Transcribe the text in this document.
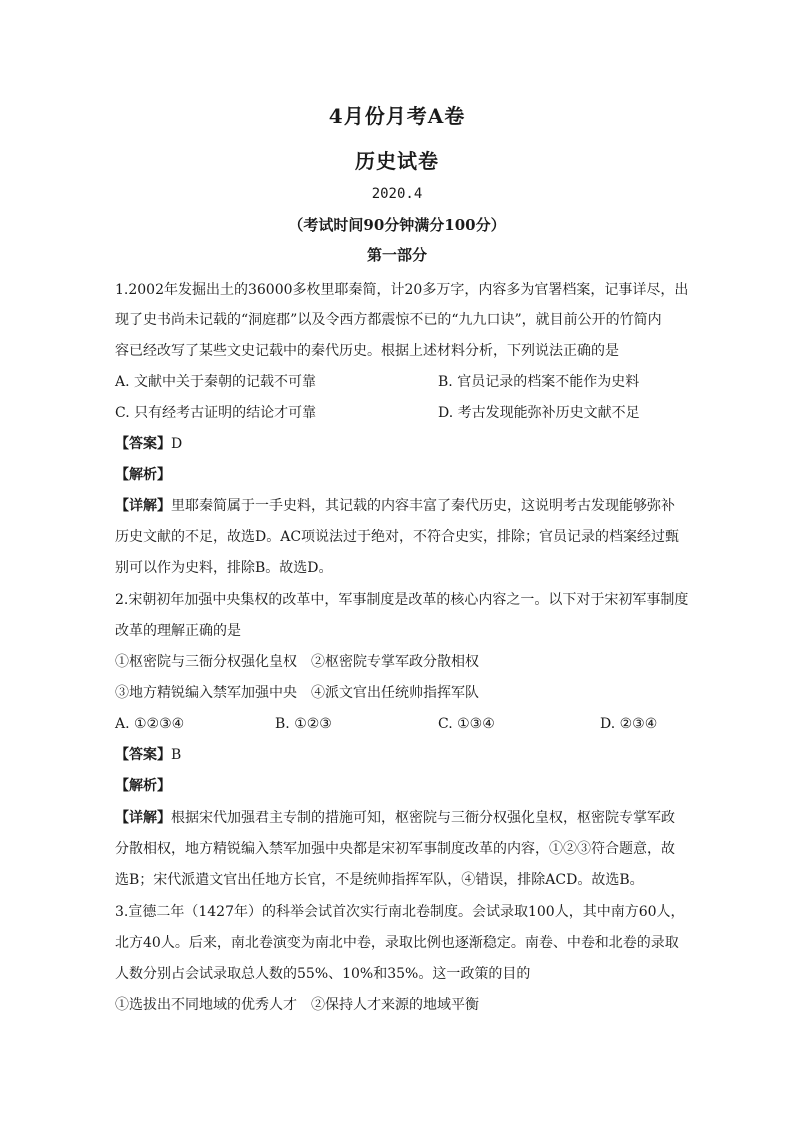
4月份月考A卷
历史试卷
2020.4
（考试时间90分钟满分100分）
第一部分
1.2002年发掘出土的36000多枚里耶秦简，计20多万字，内容多为官署档案，记事详尽，出
现了史书尚未记载的“洞庭郡”以及令西方都震惊不已的“九九口诀”，就目前公开的竹简内
容已经改写了某些文史记载中的秦代历史。根据上述材料分析，下列说法正确的是
A. 文献中关于秦朝的记载不可靠	B. 官员记录的档案不能作为史料
C. 只有经考古证明的结论才可靠	D. 考古发现能弥补历史文献不足
【答案】D
【解析】
【详解】里耶秦简属于一手史料，其记载的内容丰富了秦代历史，这说明考古发现能够弥补
历史文献的不足，故选D。AC项说法过于绝对，不符合史实，排除；官员记录的档案经过甄
别可以作为史料，排除B。故选D。
2.宋朝初年加强中央集权的改革中，军事制度是改革的核心内容之一。以下对于宋初军事制度
改革的理解正确的是
①枢密院与三衙分权强化皇权　②枢密院专掌军政分散相权
③地方精锐编入禁军加强中央　④派文官出任统帅指挥军队
A. ①②③④	B. ①②③	C. ①③④	D. ②③④
【答案】B
【解析】
【详解】根据宋代加强君主专制的措施可知，枢密院与三衙分权强化皇权，枢密院专掌军政
分散相权，地方精锐编入禁军加强中央都是宋初军事制度改革的内容，①②③符合题意，故
选B；宋代派遣文官出任地方长官，不是统帅指挥军队，④错误，排除ACD。故选B。
3.宣德二年（1427年）的科举会试首次实行南北卷制度。会试录取100人，其中南方60人，
北方40人。后来，南北卷演变为南北中卷，录取比例也逐渐稳定。南卷、中卷和北卷的录取
人数分别占会试录取总人数的55%、10%和35%。这一政策的目的
①选拔出不同地域的优秀人才　②保持人才来源的地域平衡
